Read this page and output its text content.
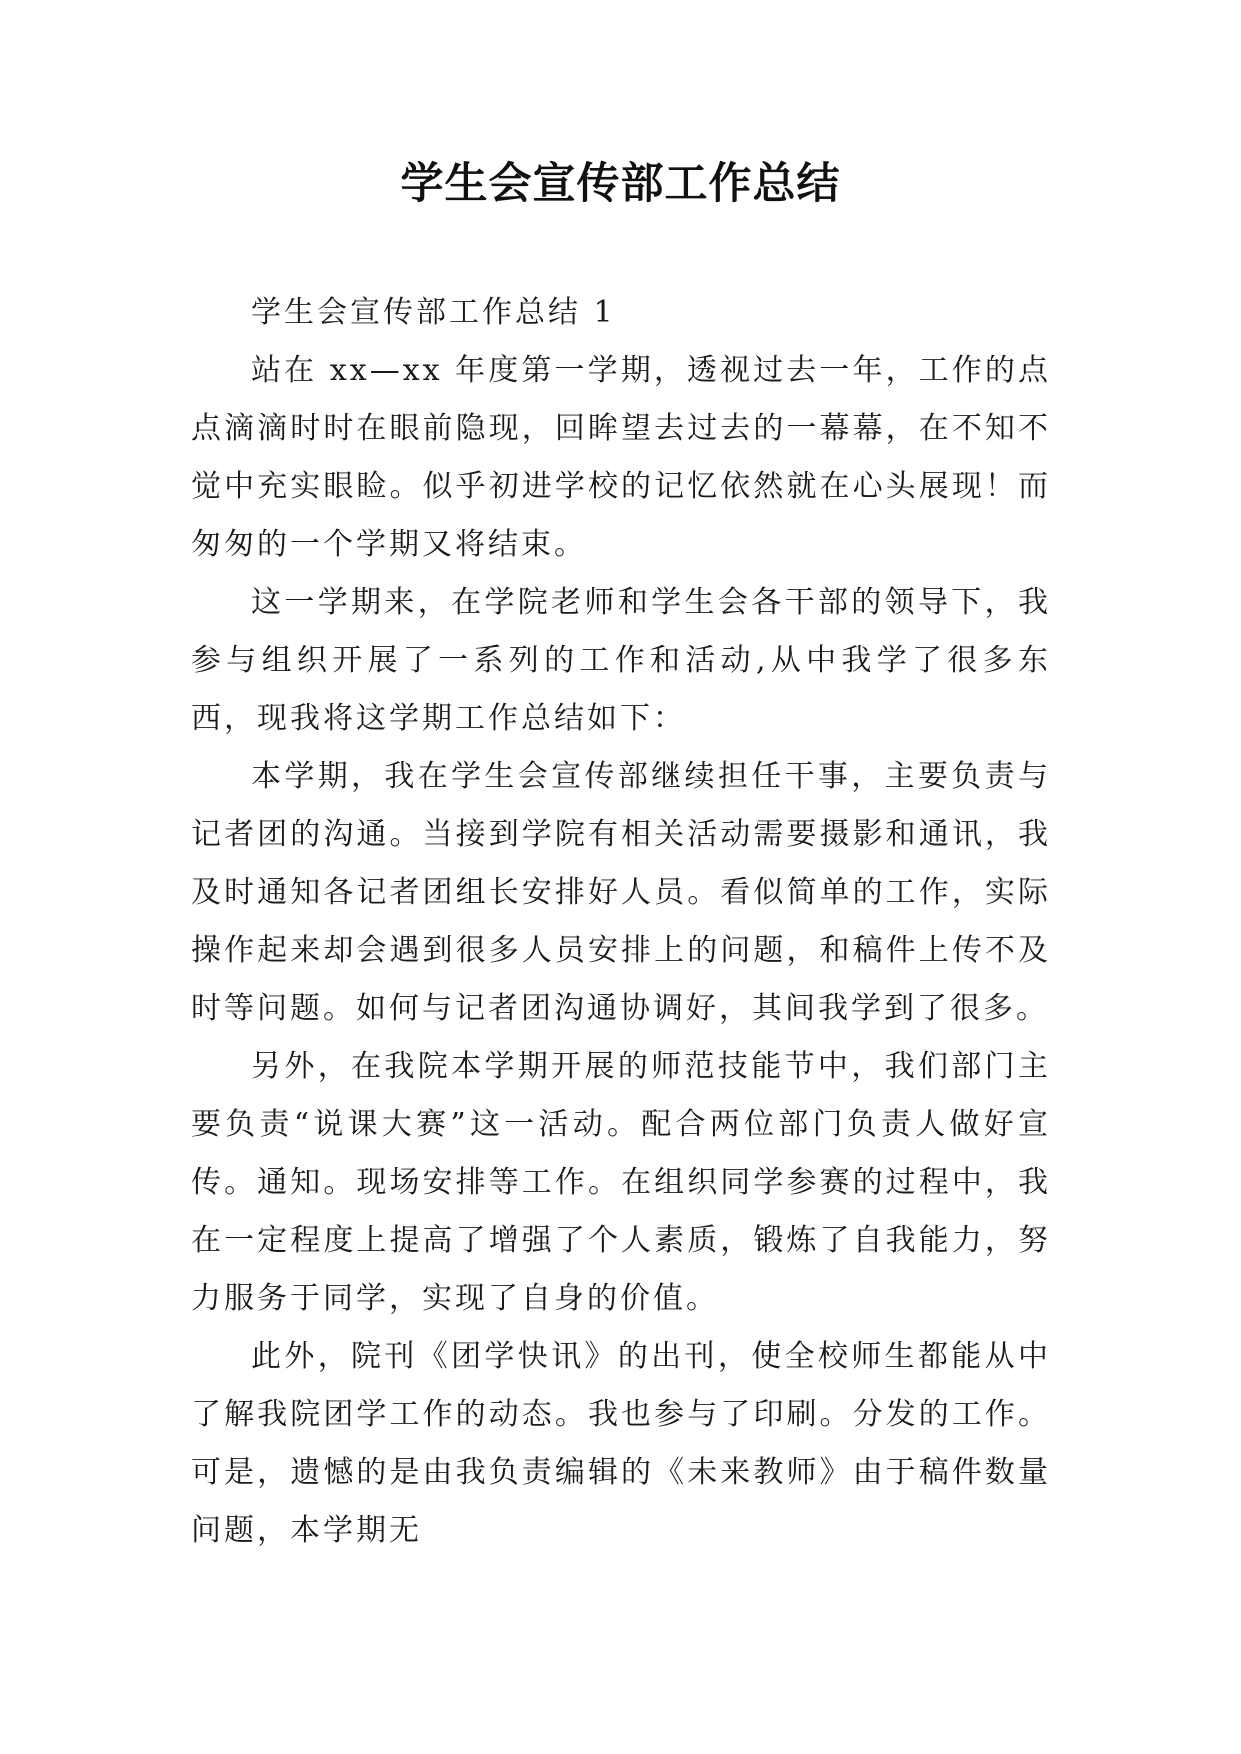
学生会宣传部工作总结

学生会宣传部工作总结 1

站在 xx—xx 年度第一学期，透视过去一年，工作的点点滴滴时时在眼前隐现，回眸望去过去的一幕幕，在不知不觉中充实眼睑。似乎初进学校的记忆依然就在心头展现！而匆匆的一个学期又将结束。

这一学期来，在学院老师和学生会各干部的领导下，我参与组织开展了一系列的工作和活动,从中我学了很多东西，现我将这学期工作总结如下：

本学期，我在学生会宣传部继续担任干事，主要负责与记者团的沟通。当接到学院有相关活动需要摄影和通讯，我及时通知各记者团组长安排好人员。看似简单的工作，实际操作起来却会遇到很多人员安排上的问题，和稿件上传不及时等问题。如何与记者团沟通协调好，其间我学到了很多。

另外，在我院本学期开展的师范技能节中，我们部门主要负责“说课大赛”这一活动。配合两位部门负责人做好宣传。通知。现场安排等工作。在组织同学参赛的过程中，我在一定程度上提高了增强了个人素质，锻炼了自我能力，努力服务于同学，实现了自身的价值。

此外，院刊《团学快讯》的出刊，使全校师生都能从中了解我院团学工作的动态。我也参与了印刷。分发的工作。可是，遗憾的是由我负责编辑的《未来教师》由于稿件数量问题，本学期无
